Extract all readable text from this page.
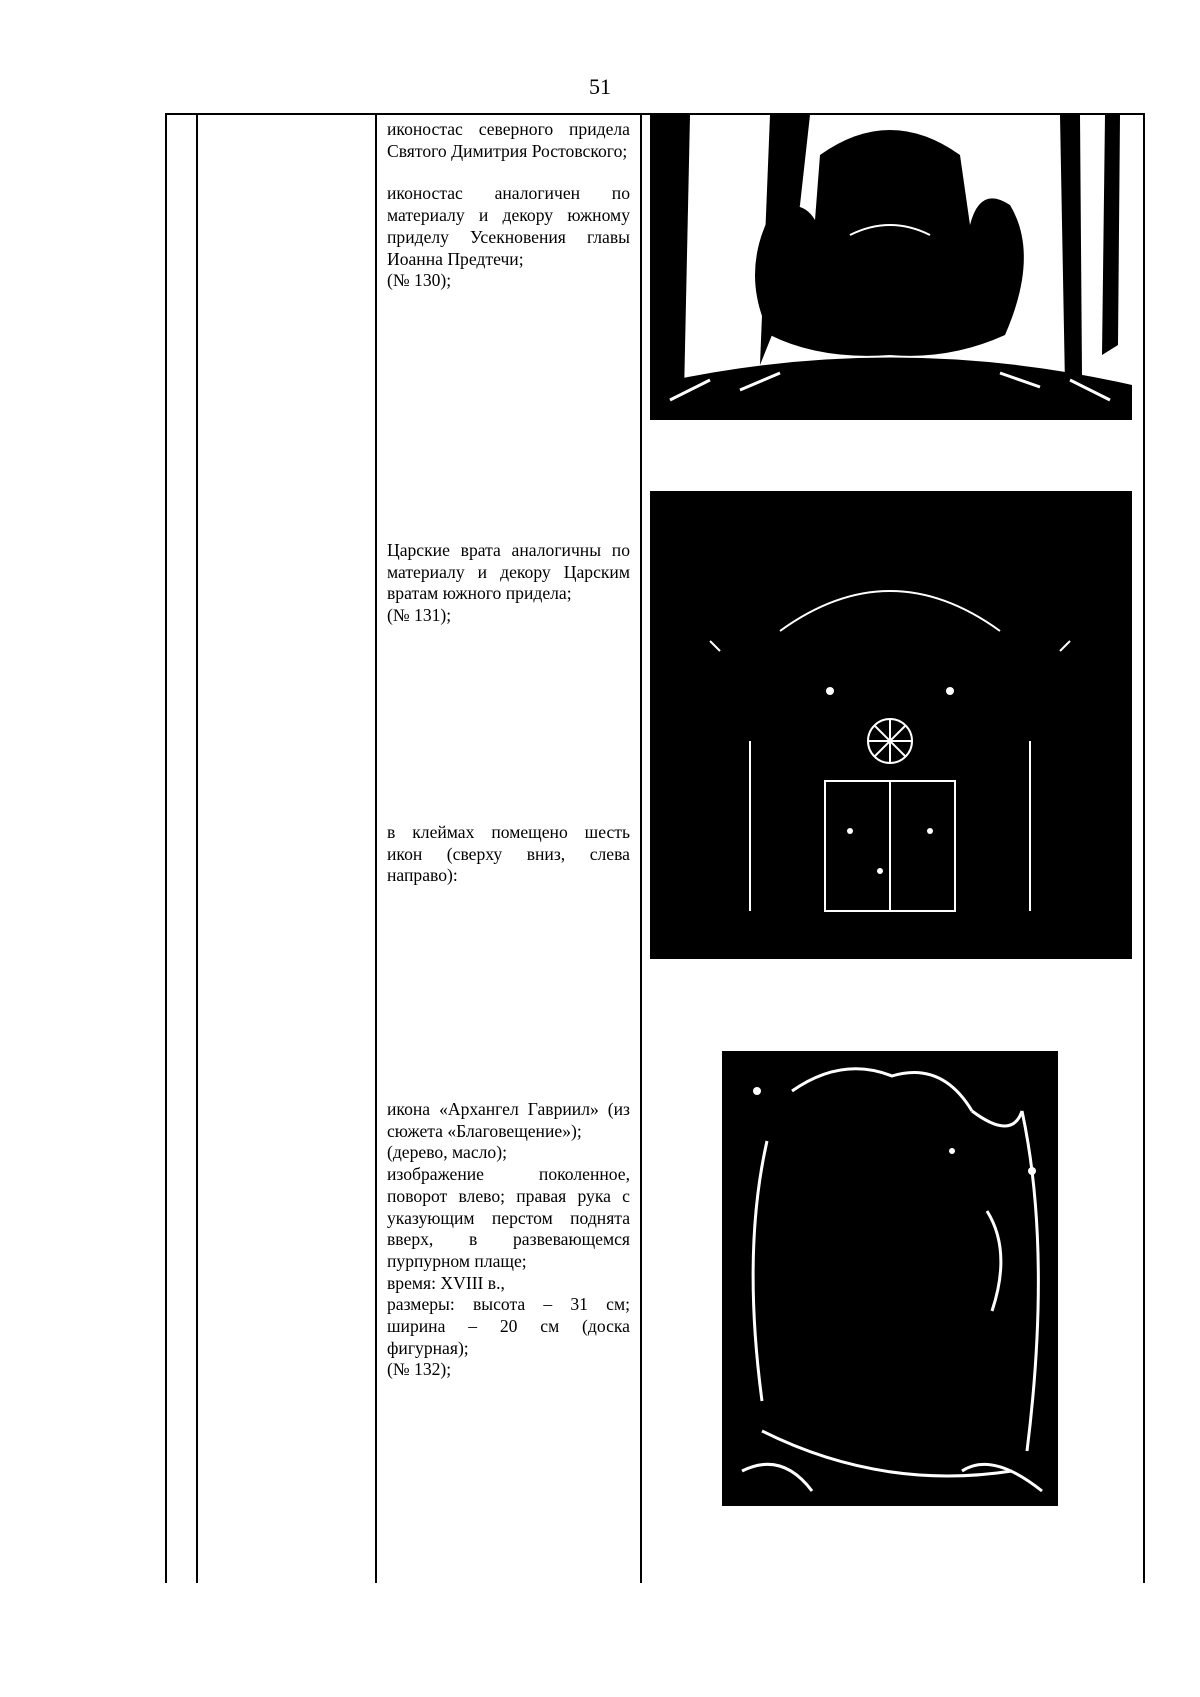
51

иконостас северного придела Святого Димитрия Ростовского;

иконостас аналогичен по материалу и декору южному приделу Усекновения главы Иоанна Предтечи;

(№ 130);

Царские врата аналогичны по материалу и декору Царским вратам южного придела;

(№ 131);

в клеймах помещено шесть икон (сверху вниз, слева направо):

икона «Архангел Гавриил» (из сюжета «Благовещение»);

(дерево, масло);

изображение поколенное, поворот влево; правая рука с указующим перстом поднята вверх, в развевающемся пурпурном плаще;

время: XVIII в.,

размеры: высота – 31 см; ширина – 20 см (доска фигурная);

(№ 132);
